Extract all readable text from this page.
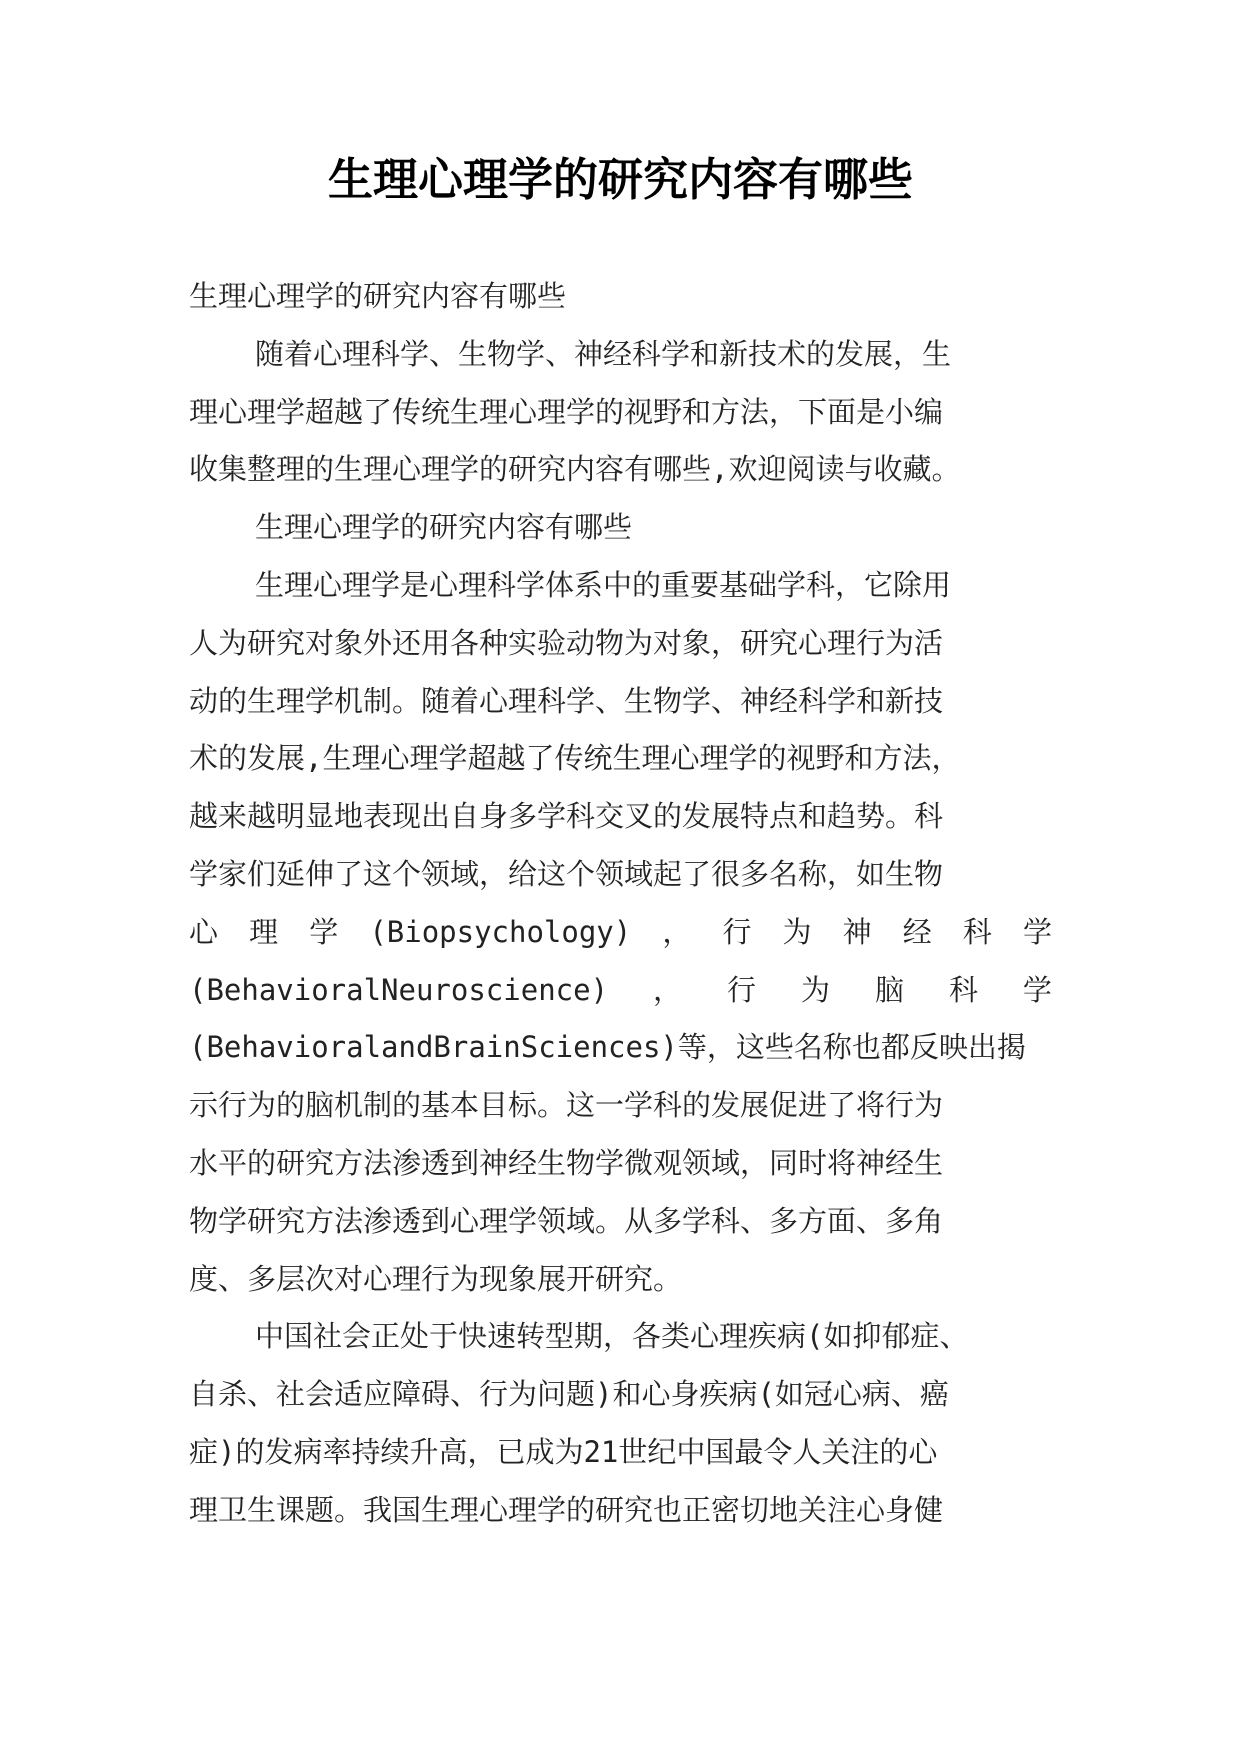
生理心理学的研究内容有哪些
生理心理学的研究内容有哪些
随着心理科学、生物学、神经科学和新技术的发展，生
理心理学超越了传统生理心理学的视野和方法，下面是小编
收集整理的生理心理学的研究内容有哪些,欢迎阅读与收藏。
生理心理学的研究内容有哪些
生理心理学是心理科学体系中的重要基础学科，它除用
人为研究对象外还用各种实验动物为对象，研究心理行为活
动的生理学机制。随着心理科学、生物学、神经科学和新技
术的发展,生理心理学超越了传统生理心理学的视野和方法，
越来越明显地表现出自身多学科交叉的发展特点和趋势。科
学家们延伸了这个领域，给这个领域起了很多名称，如生物
心 理 学 (Biopsychology) ， 行 为 神 经 科 学
(BehavioralNeuroscience) ， 行 为 脑 科 学
(BehavioralandBrainSciences)等，这些名称也都反映出揭
示行为的脑机制的基本目标。这一学科的发展促进了将行为
水平的研究方法渗透到神经生物学微观领域，同时将神经生
物学研究方法渗透到心理学领域。从多学科、多方面、多角
度、多层次对心理行为现象展开研究。
中国社会正处于快速转型期，各类心理疾病(如抑郁症、
自杀、社会适应障碍、行为问题)和心身疾病(如冠心病、癌
症)的发病率持续升高，已成为21世纪中国最令人关注的心
理卫生课题。我国生理心理学的研究也正密切地关注心身健
